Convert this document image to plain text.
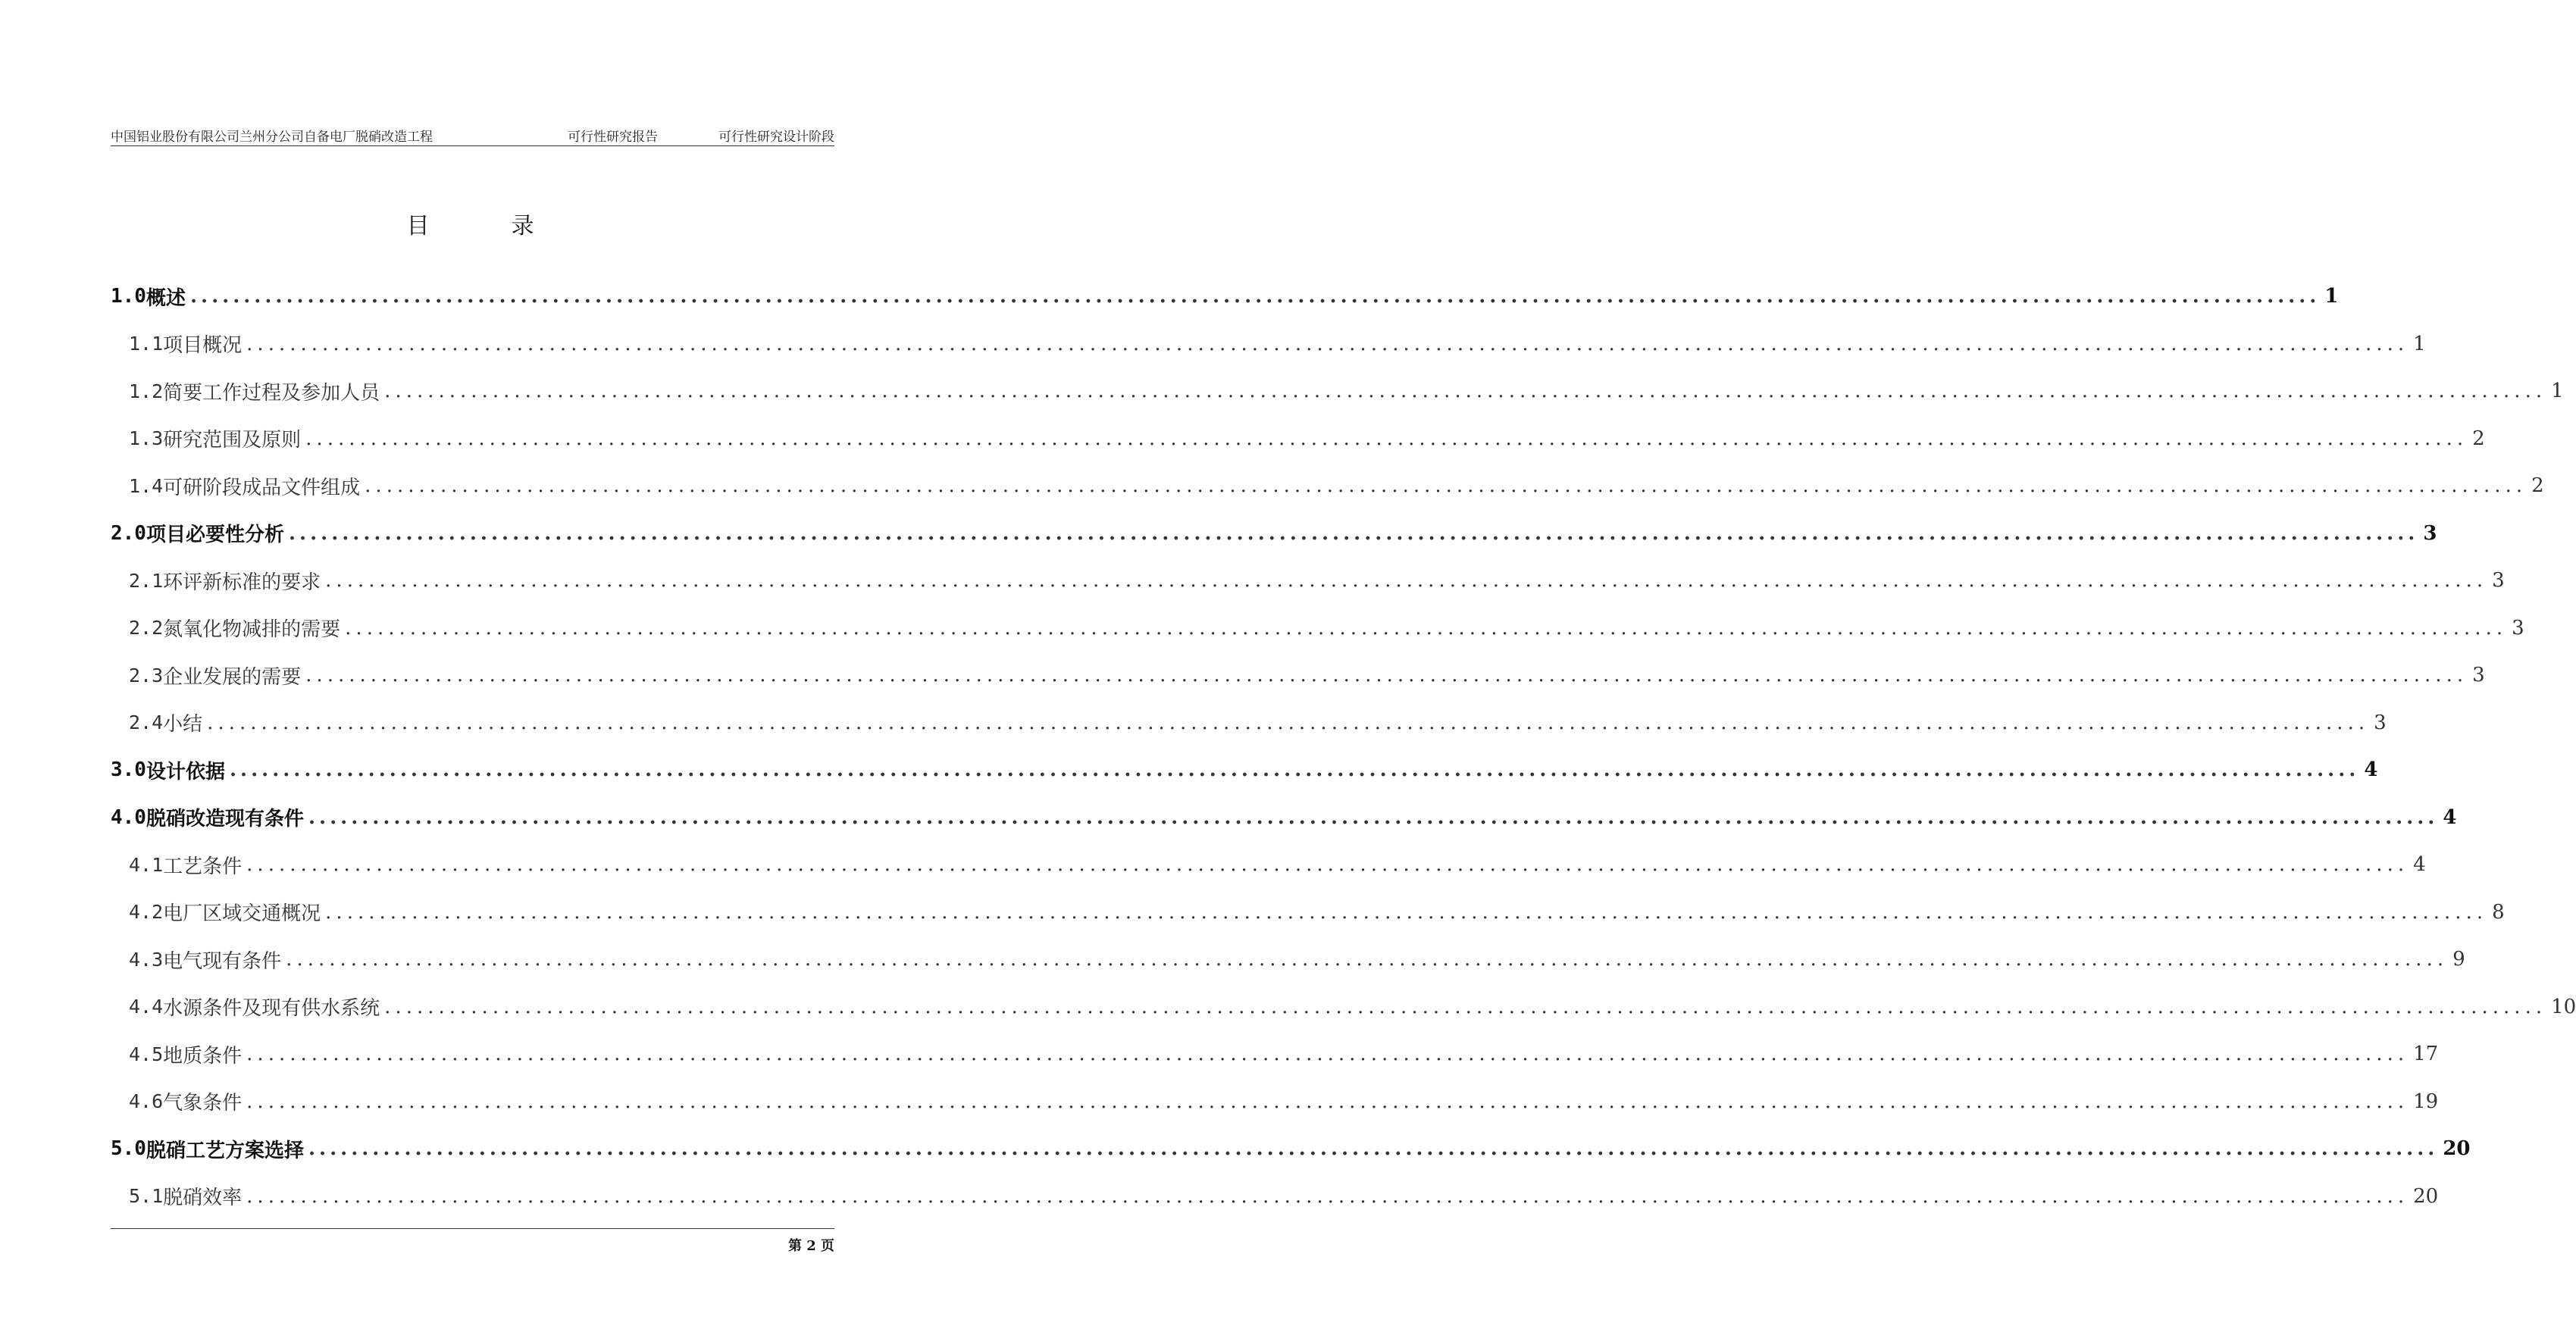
中国铝业股份有限公司兰州分公司自备电厂脱硝改造工程	可行性研究报告	可行性研究设计阶段
目	录
1.0 概述 ........................................................................................................................................................................................................ 1
1.1 项目概况 ........................................................................................................................................................................................................ 1
1.2 简要工作过程及参加人员 ........................................................................................................................................................................................................ 1
1.3 研究范围及原则 ........................................................................................................................................................................................................ 2
1.4 可研阶段成品文件组成 ........................................................................................................................................................................................................ 2
2.0 项目必要性分析 ........................................................................................................................................................................................................ 3
2.1 环评新标准的要求 ........................................................................................................................................................................................................ 3
2.2 氮氧化物减排的需要 ........................................................................................................................................................................................................ 3
2.3 企业发展的需要 ........................................................................................................................................................................................................ 3
2.4 小结 ........................................................................................................................................................................................................ 3
3.0 设计依据 ........................................................................................................................................................................................................ 4
4.0 脱硝改造现有条件 ........................................................................................................................................................................................................ 4
4.1 工艺条件 ........................................................................................................................................................................................................ 4
4.2 电厂区域交通概况 ........................................................................................................................................................................................................ 8
4.3 电气现有条件 ........................................................................................................................................................................................................ 9
4.4 水源条件及现有供水系统 ........................................................................................................................................................................................................ 10
4.5 地质条件 ........................................................................................................................................................................................................ 17
4.6 气象条件 ........................................................................................................................................................................................................ 19
5.0 脱硝工艺方案选择 ........................................................................................................................................................................................................ 20
5.1 脱硝效率 ........................................................................................................................................................................................................ 20
第 2 页
